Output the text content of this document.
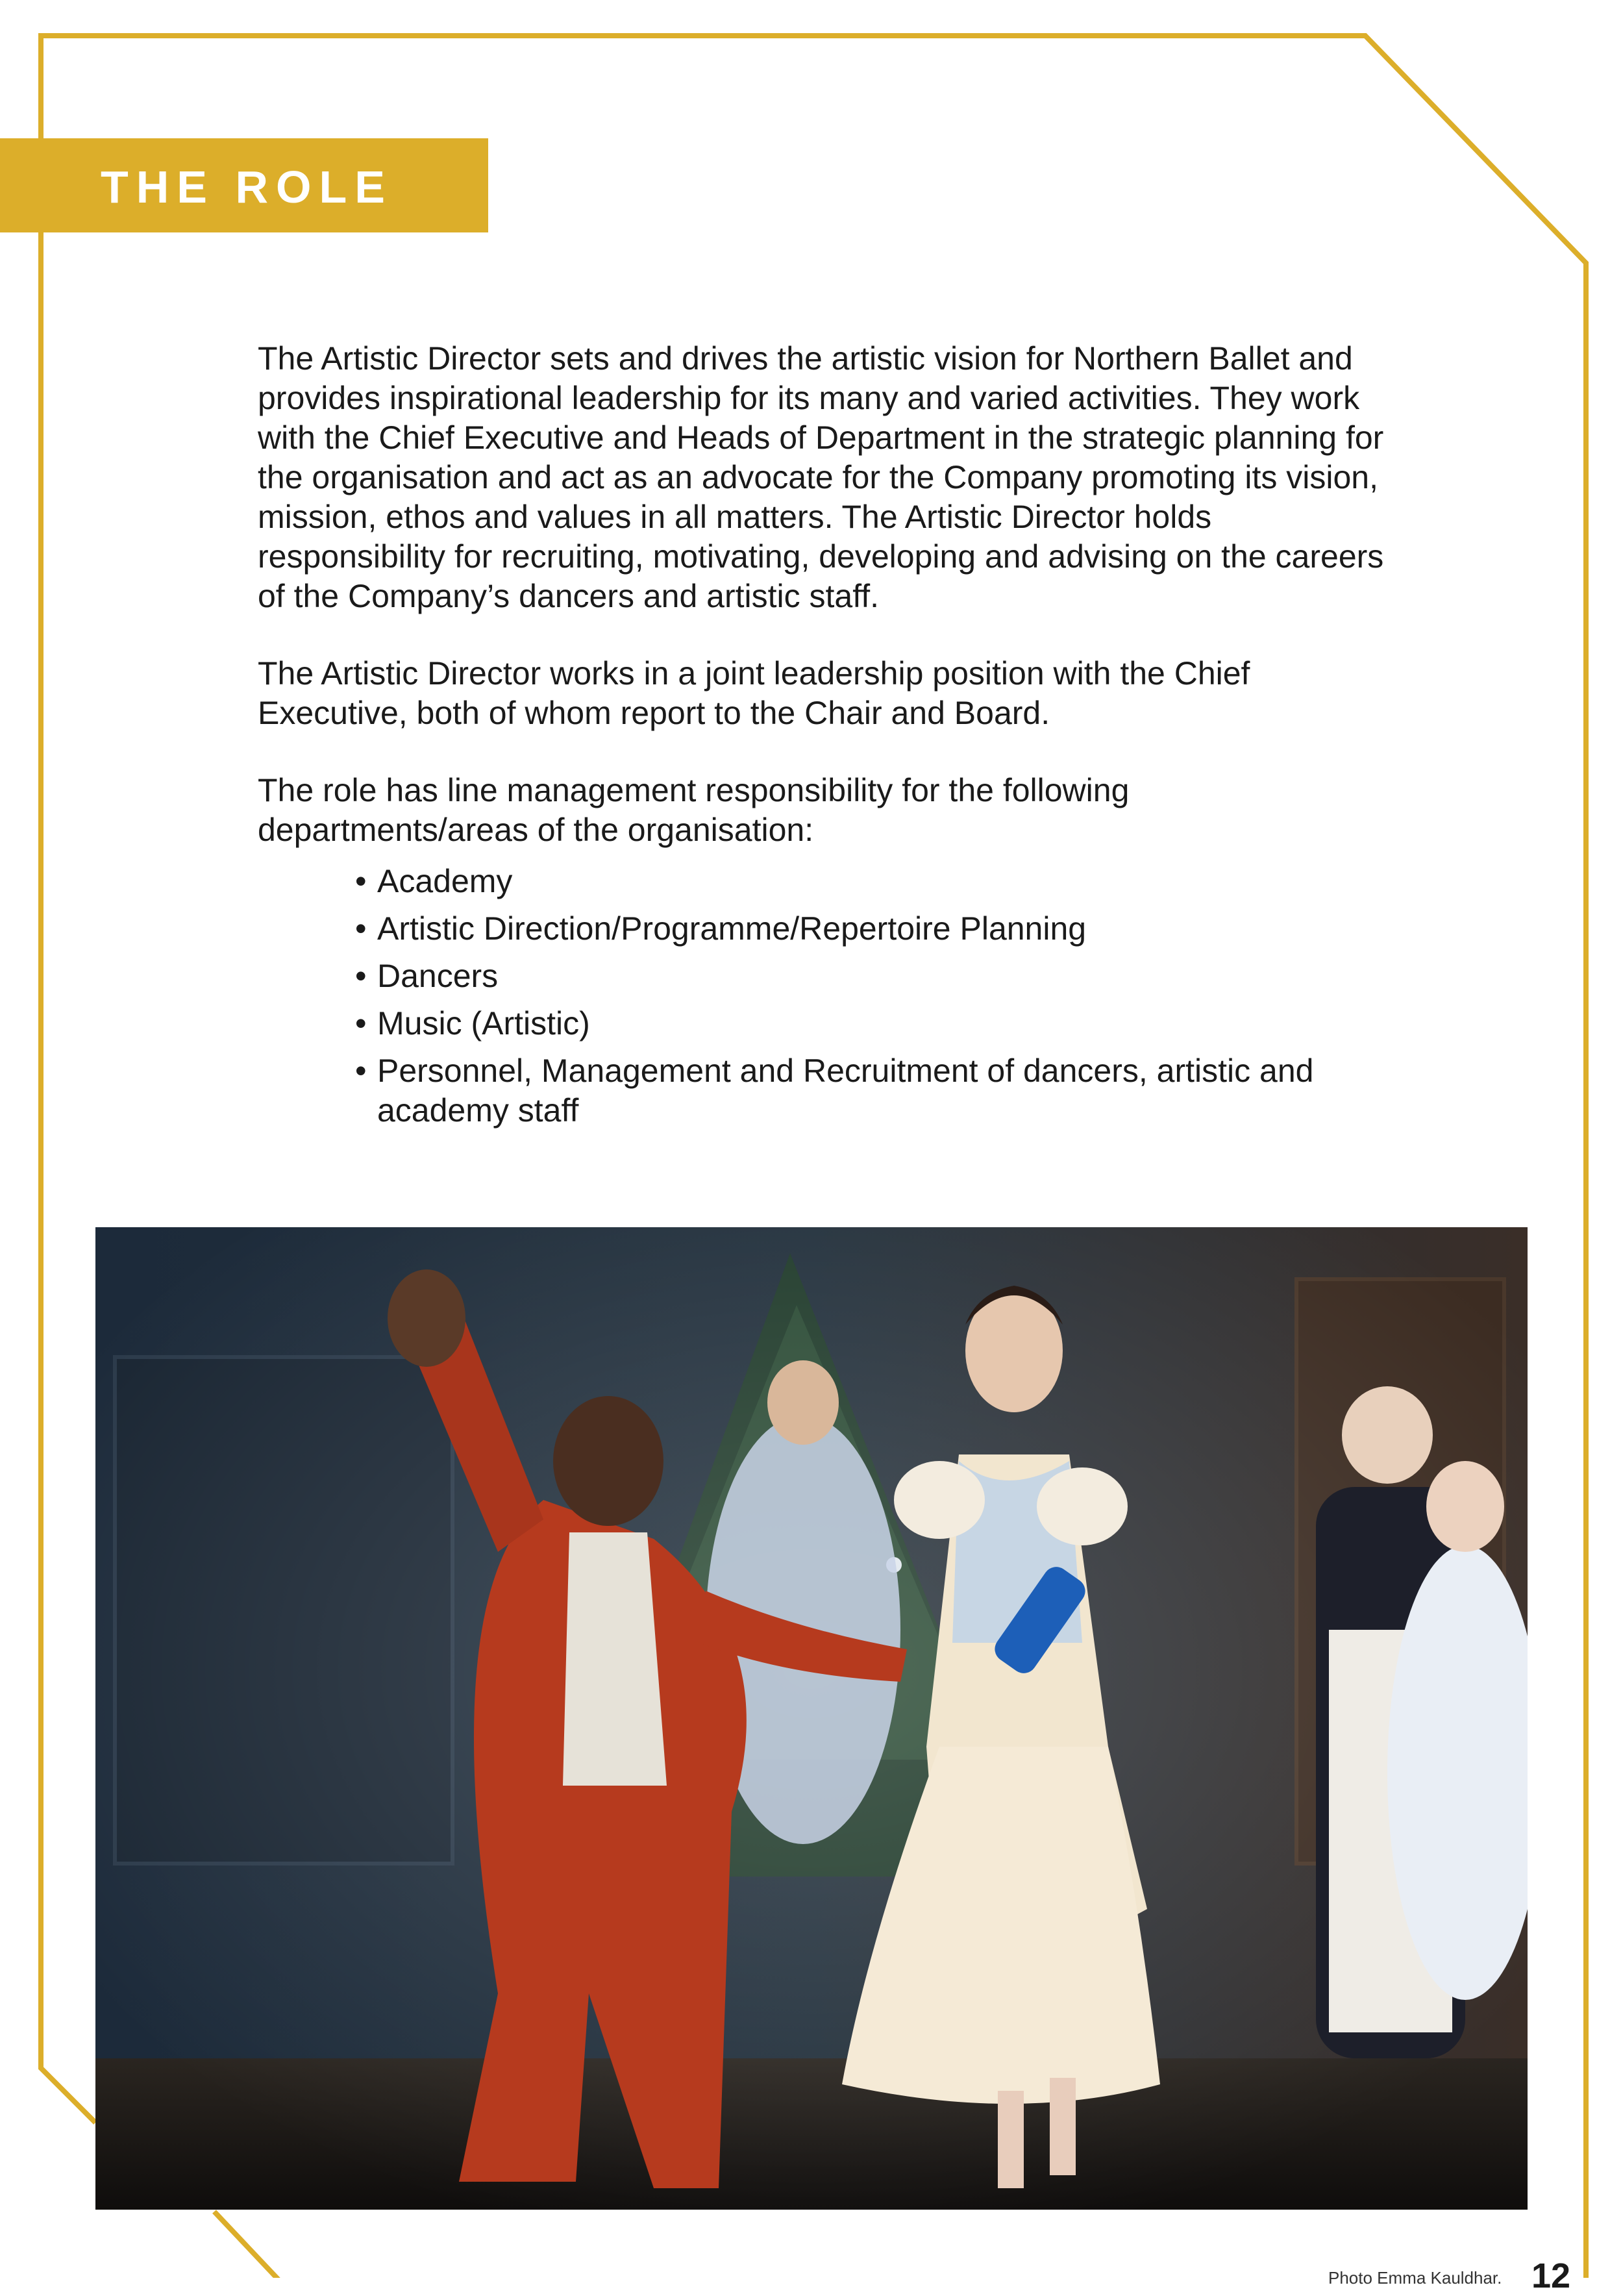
THE ROLE

The Artistic Director sets and drives the artistic vision for Northern Ballet and provides inspirational leadership for its many and varied activities. They work with the Chief Executive and Heads of Department in the strategic planning for the organisation and act as an advocate for the Company promoting its vision, mission, ethos and values in all matters. The Artistic Director holds responsibility for recruiting, motivating, developing and advising on the careers of the Company’s dancers and artistic staff.

The Artistic Director works in a joint leadership position with the Chief Executive, both of whom report to the Chair and Board.

The role has line management responsibility for the following departments/areas of the organisation:

• Academy
• Artistic Direction/Programme/Repertoire Planning
• Dancers
• Music (Artistic)
• Personnel, Management and Recruitment of dancers, artistic and academy staff
Photo Emma Kauldhar. 12
